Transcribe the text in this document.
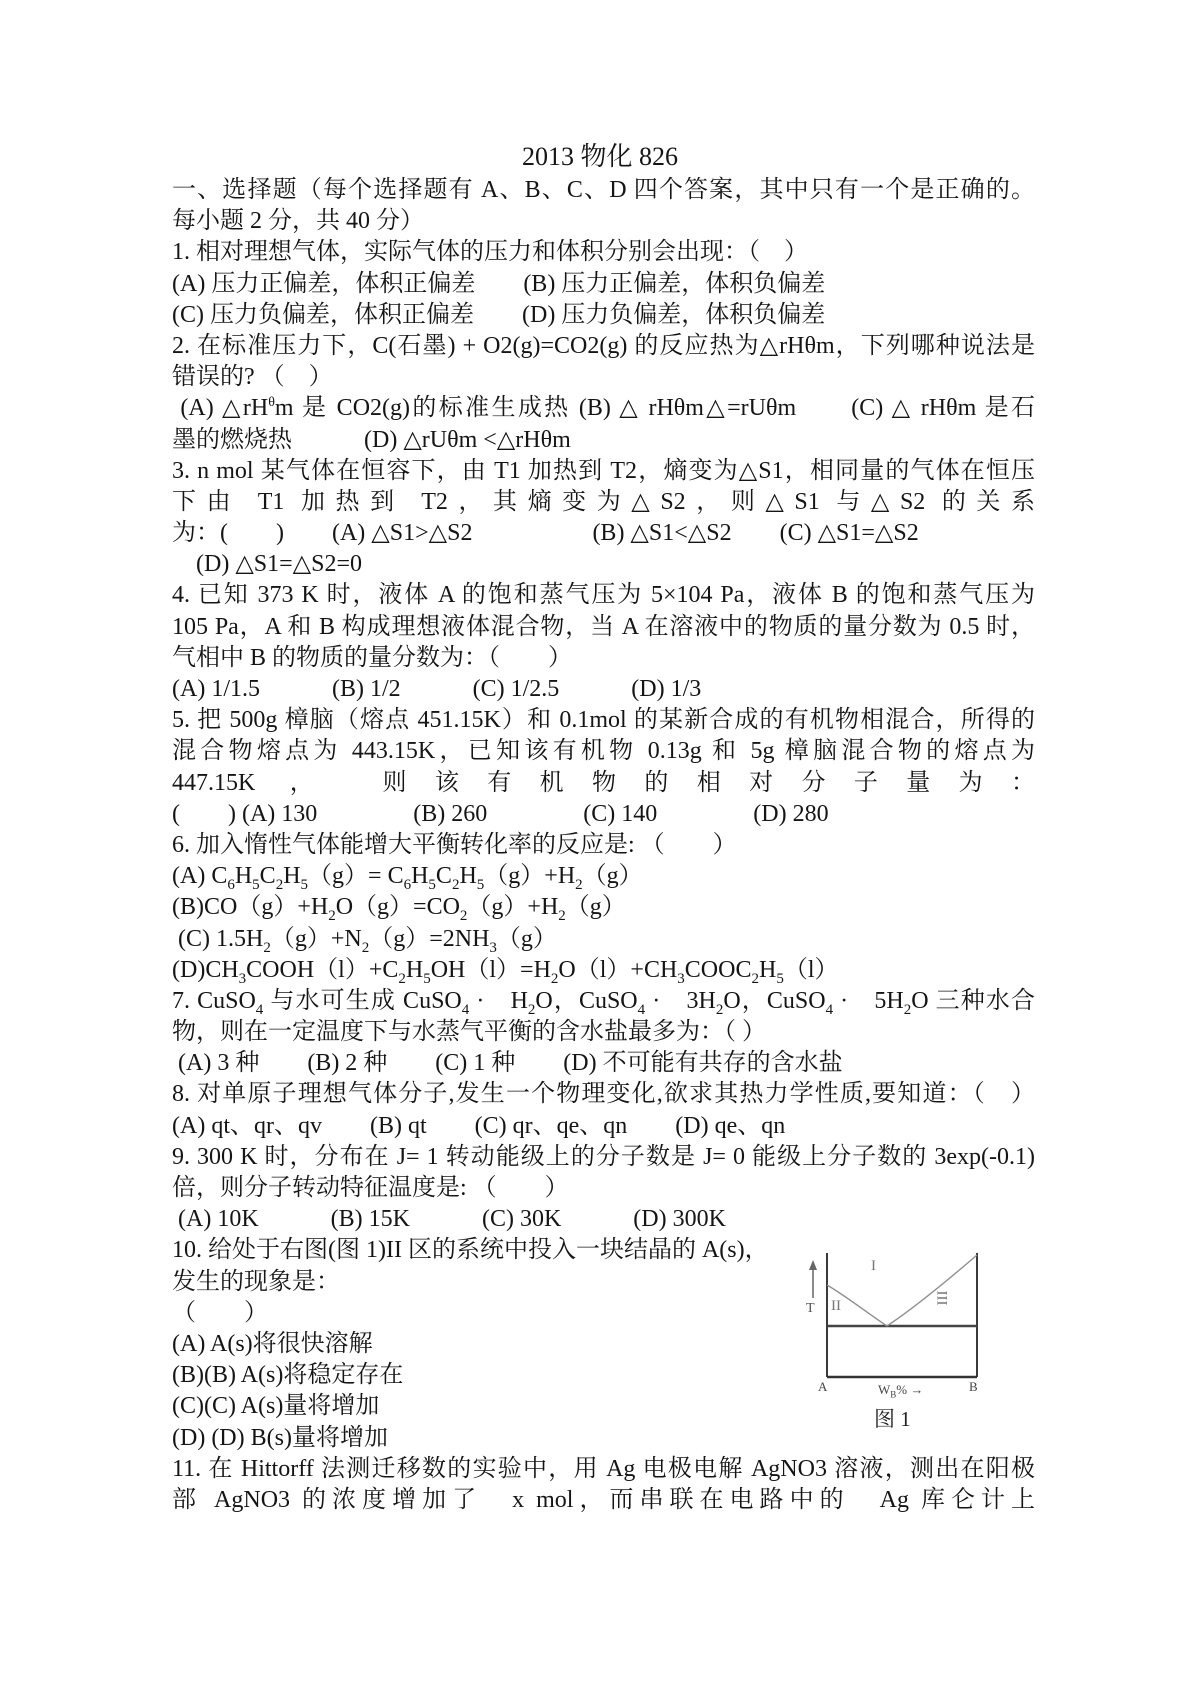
2013 物化 826
一、选择题（每个选择题有 A、B、C、D 四个答案，其中只有一个是正确的。
每小题 2 分，共 40 分）
1. 相对理想气体，实际气体的压力和体积分别会出现：（　）
(A) 压力正偏差，体积正偏差　　(B) 压力正偏差，体积负偏差
(C) 压力负偏差，体积正偏差　　(D) 压力负偏差，体积负偏差
2. 在标准压力下，C(石墨) + O2(g)=CO2(g) 的反应热为△rHθm，下列哪种说法是
错误的? （　）
(A) $\triangle rH^\theta m$ 是 CO2(g)的标准生成热 (B) △ rHθm△=rUθm　　(C) △ rHθm 是石
墨的燃烧热　　　(D) △rUθm <△rHθm
3. n mol 某气体在恒容下，由 T1 加热到 T2，熵变为△S1，相同量的气体在恒压
下由 T1 加热到 T2，其熵变为△S2，则△S1 与△S2 的关系
为：(　　)　　(A) △S1>△S2　　　　　(B) △S1<△S2　　(C) △S1=△S2
　(D) △S1=△S2=0
4. 已知 373 K 时，液体 A 的饱和蒸气压为 5×104 Pa，液体 B 的饱和蒸气压为
105 Pa，A 和 B 构成理想液体混合物，当 A 在溶液中的物质的量分数为 0.5 时，
气相中 B 的物质的量分数为：（　　）
(A) 1/1.5　　　(B) 1/2　　　(C) 1/2.5　　　(D) 1/3
5. 把 500g 樟脑（熔点 451.15K）和 0.1mol 的某新合成的有机物相混合，所得的
混合物熔点为 443.15K，已知该有机物 0.13g 和 5g 樟脑混合物的熔点为
447.15K ，　则该有机物的相对分子量为：
(　　) (A) 130　　　　(B) 260　　　　(C) 140　　　　(D) 280
6. 加入惰性气体能增大平衡转化率的反应是: （　　）
(A) $C_6H_5C_2H_5(g)= C_6H_5C_2H_5(g)+H_2(g)$
$(B)CO(g)+H_2O(g)=CO_2(g)+H_2(g)$
(C) $1.5H_2(g)+N_2(g)=2NH_3(g)$
$(D)CH_3COOH(l)+C_2H_5OH(l)=H_2O(l)+CH_3COOC_2H_5(l)$
7. CuSO$_4$ 与水可生成 CuSO$_4$ ·　$H_2O$，CuSO$_4$ ·　$3H_2O$，CuSO$_4$ ·　$5H_2O$ 三种水合
物，则在一定温度下与水蒸气平衡的含水盐最多为：（ ）
(A) 3 种　　(B) 2 种　　(C) 1 种　　(D) 不可能有共存的含水盐
8. 对单原子理想气体分子,发生一个物理变化,欲求其热力学性质,要知道：（　）
(A) qt、qr、qv　　(B) qt　　(C) qr、qe、qn　　(D) qe、qn
9. 300 K 时，分布在 J= 1 转动能级上的分子数是 J= 0 能级上分子数的 3exp(-0.1)
倍，则分子转动特征温度是: （　　）
(A) 10K　　　(B) 15K　　　(C) 30K　　　(D) 300K
10. 给处于右图(图 1)II 区的系统中投入一块结晶的 A(s)，
发生的现象是：
（　　）
(A) A(s)将很快溶解
(B)(B) A(s)将稳定存在
(C)(C) A(s)量将增加
(D) (D) B(s)量将增加
11. 在 Hittorff 法测迁移数的实验中，用 Ag 电极电解 AgNO3 溶液，测出在阳极
部 AgNO3 的浓度增加了　x mol，而串联在电路中的　Ag 库仑计上
T
I
II	III
A	$W_B\%$ →	B
图 1
